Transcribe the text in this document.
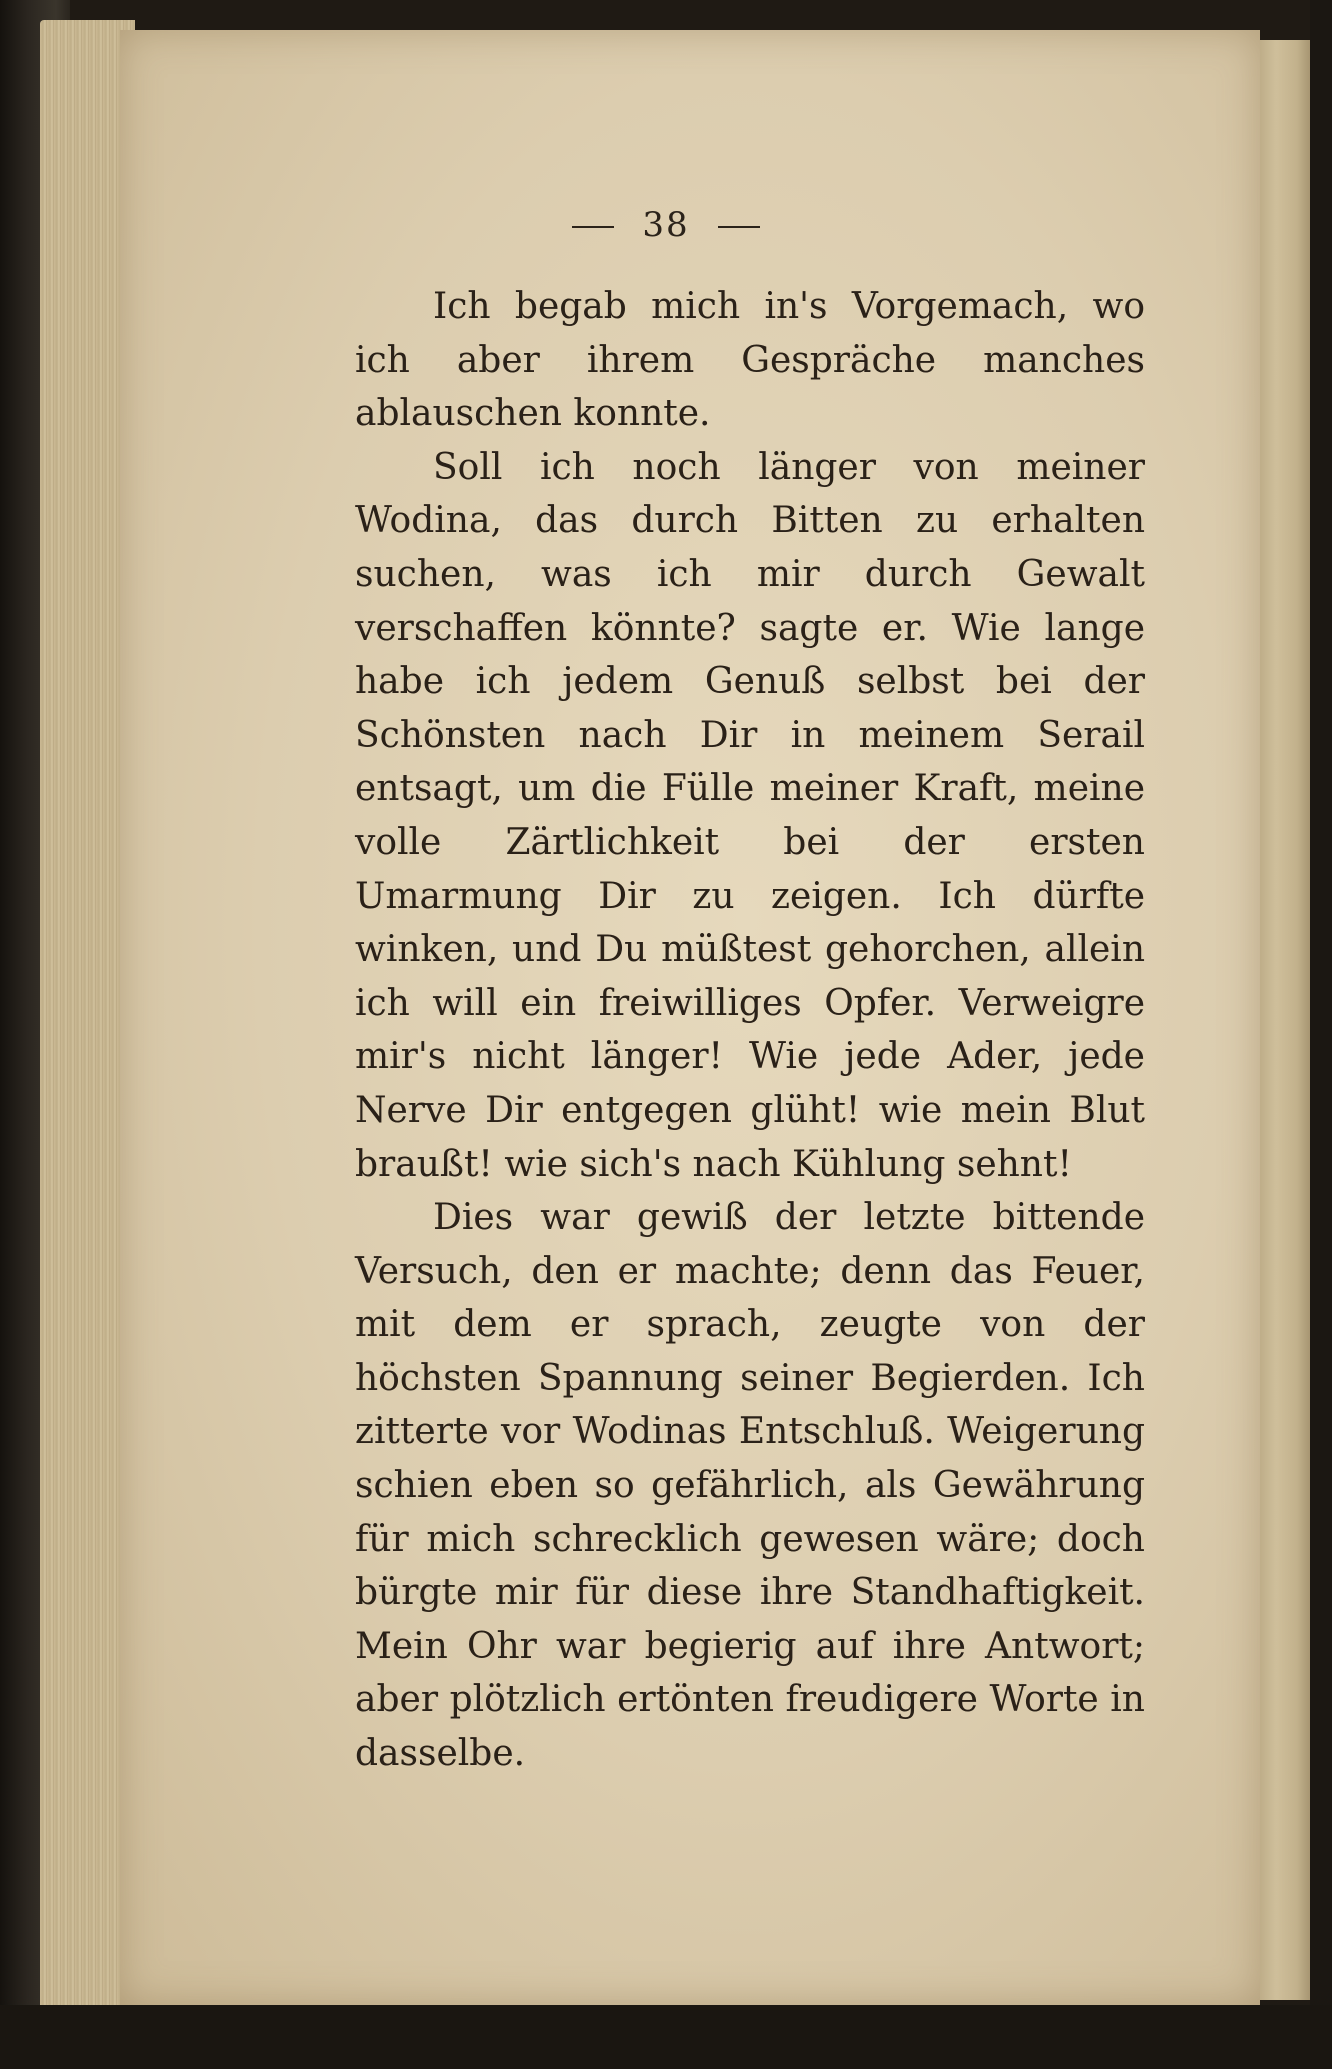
38

Ich begab mich in's Vorgemach, wo ich aber ihrem Gespräche manches ablauschen konnte.

Soll ich noch länger von meiner Wodina, das durch Bitten zu erhalten suchen, was ich mir durch Gewalt verschaffen könnte? sagte er. Wie lange habe ich jedem Genuß selbst bei der Schönsten nach Dir in meinem Serail entsagt, um die Fülle meiner Kraft, meine volle Zärtlichkeit bei der ersten Umarmung Dir zu zeigen. Ich dürfte winken, und Du müßtest gehorchen, allein ich will ein freiwilliges Opfer. Verweigre mir's nicht länger! Wie jede Ader, jede Nerve Dir entgegen glüht! wie mein Blut braußt! wie sich's nach Kühlung sehnt!

Dies war gewiß der letzte bittende Versuch, den er machte; denn das Feuer, mit dem er sprach, zeugte von der höchsten Spannung seiner Begierden. Ich zitterte vor Wodinas Entschluß. Weigerung schien eben so gefährlich, als Gewährung für mich schrecklich gewesen wäre; doch bürgte mir für diese ihre Standhaftigkeit. Mein Ohr war begierig auf ihre Antwort; aber plötzlich ertönten freudigere Worte in dasselbe.
